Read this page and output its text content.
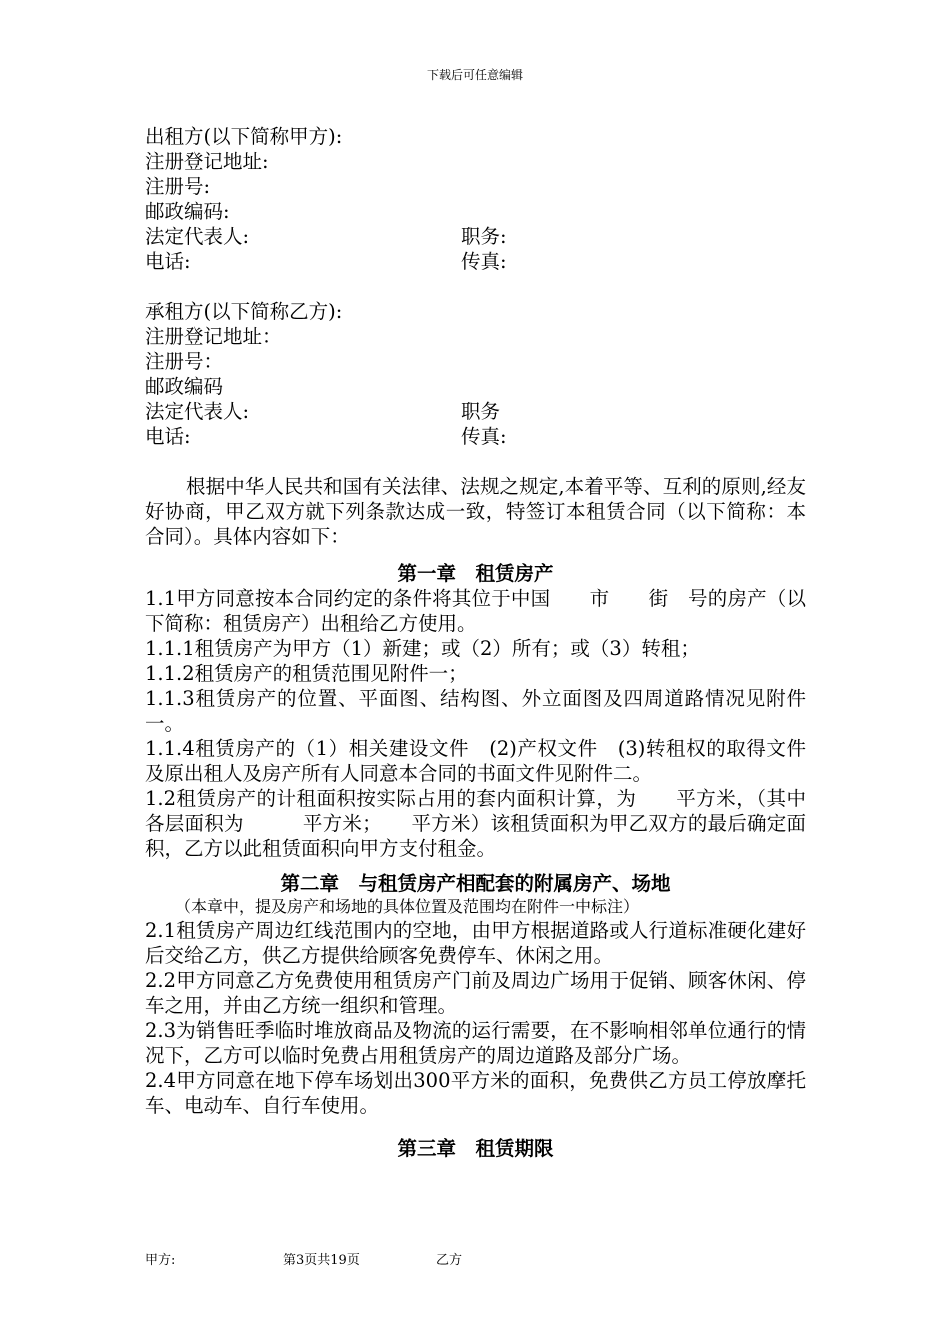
下载后可任意编辑
出租方(以下简称甲方):
注册登记地址:
注册号:
邮政编码:
法定代表人:	职务:
电话:	传真:
承租方(以下简称乙方):
注册登记地址：
注册号：
邮政编码
法定代表人:	职务
电话:	传真:
根据中华人民共和国有关法律、法规之规定,本着平等、互利的原则,经友好协商，甲乙双方就下列条款达成一致，特签订本租赁合同（以下简称：本合同）。具体内容如下：
第一章　租赁房产
1.1甲方同意按本合同约定的条件将其位于中国　　市　　街　号的房产（以下简称：租赁房产）出租给乙方使用。
1.1.1租赁房产为甲方（1）新建；或（2）所有；或（3）转租；
1.1.2租赁房产的租赁范围见附件一；
1.1.3租赁房产的位置、平面图、结构图、外立面图及四周道路情况见附件一。
1.1.4租赁房产的（1）相关建设文件　(2)产权文件　(3)转租权的取得文件及原出租人及房产所有人同意本合同的书面文件见附件二。
1.2租赁房产的计租面积按实际占用的套内面积计算，为　　平方米，（其中各层面积为　　　平方米；　　平方米）该租赁面积为甲乙双方的最后确定面积，乙方以此租赁面积向甲方支付租金。
第二章　与租赁房产相配套的附属房产、场地
（本章中，提及房产和场地的具体位置及范围均在附件一中标注）
2.1租赁房产周边红线范围内的空地，由甲方根据道路或人行道标准硬化建好后交给乙方，供乙方提供给顾客免费停车、休闲之用。
2.2甲方同意乙方免费使用租赁房产门前及周边广场用于促销、顾客休闲、停车之用，并由乙方统一组织和管理。
2.3为销售旺季临时堆放商品及物流的运行需要，在不影响相邻单位通行的情况下，乙方可以临时免费占用租赁房产的周边道路及部分广场。
2.4甲方同意在地下停车场划出300平方米的面积，免费供乙方员工停放摩托车、电动车、自行车使用。
第三章　租赁期限
甲方:	第3页共19页	乙方
